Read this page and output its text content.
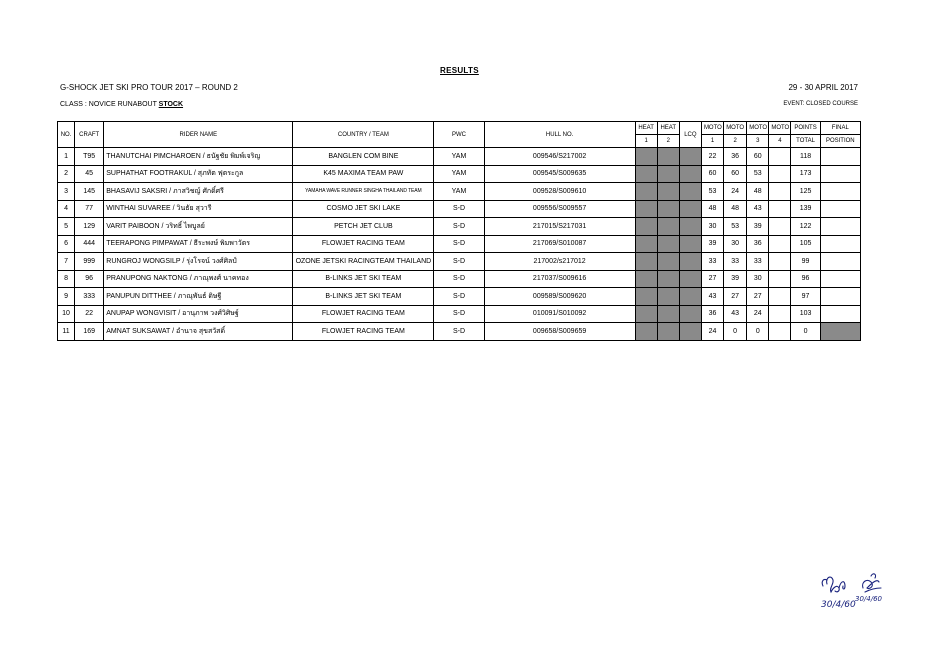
RESULTS
G-SHOCK JET SKI PRO TOUR 2017 – ROUND 2	29 - 30 APRIL 2017
CLASS : NOVICE RUNABOUT STOCK	EVENT: CLOSED COURSE
NO.	CRAFT	RIDER NAME	COUNTRY / TEAM	PWC	HULL NO.	HEAT	HEAT	LCQ	MOTO	MOTO	MOTO	MOTO	POINTS	FINAL
						1	2		1	2	3	4	TOTAL	POSITION
1	T95	THANUTCHAI PIMCHAROEN / ธนัฐชัย พิมพ์เจริญ	BANGLEN COM BINE	YAM	009546/S217002				22	36	60		118	
2	45	SUPHATHAT FOOTRAKUL / สุภทัต ฟุตระกูล	K45 MAXIMA TEAM PAW	YAM	009545/S009635				60	60	53		173	
3	145	BHASAVIJ SAKSRI / ภาสวิชญ์ ศักดิ์ศรี	YAMAHA WAVE RUNNER SINGHA THAILAND TEAM	YAM	009528/S009610				53	24	48		125	
4	77	WINTHAI SUVAREE / วินธัย สุวารี	COSMO JET SKI LAKE	S-D	009556/S009557				48	48	43		139	
5	129	VARIT PAIBOON / วริทธิ์ ไพบูลย์	PETCH JET CLUB	S-D	217015/S217031				30	53	39		122	
6	444	TEERAPONG PIMPAWAT / ธีระพงษ์ พิมพาวัตร	FLOWJET RACING TEAM	S-D	217069/S010087				39	30	36		105	
7	999	RUNGROJ WONGSILP / รุ่งโรจน์ วงศ์ศิลป์	OZONE JETSKI RACINGTEAM THAILAND	S-D	217002/s217012				33	33	33		99	
8	96	PRANUPONG NAKTONG / ภาณุพงศ์ นาคทอง	B-LINKS JET SKI TEAM	S-D	217037/S009616				27	39	30		96	
9	333	PANUPUN DITTHEE / ภาณุพันธ์ ดิษฐี	B-LINKS JET SKI TEAM	S-D	009589/S009620				43	27	27		97	
10	22	ANUPAP WONGVISIT / อานุภาพ วงศ์วิศิษฐ์	FLOWJET RACING TEAM	S-D	010091/S010092				36	43	24		103	
11	169	AMNAT SUKSAWAT / อำนาจ สุขสวัสดิ์	FLOWJET RACING TEAM	S-D	009658/S009659				24	0	0		0	
30/4/60
30/4/60
